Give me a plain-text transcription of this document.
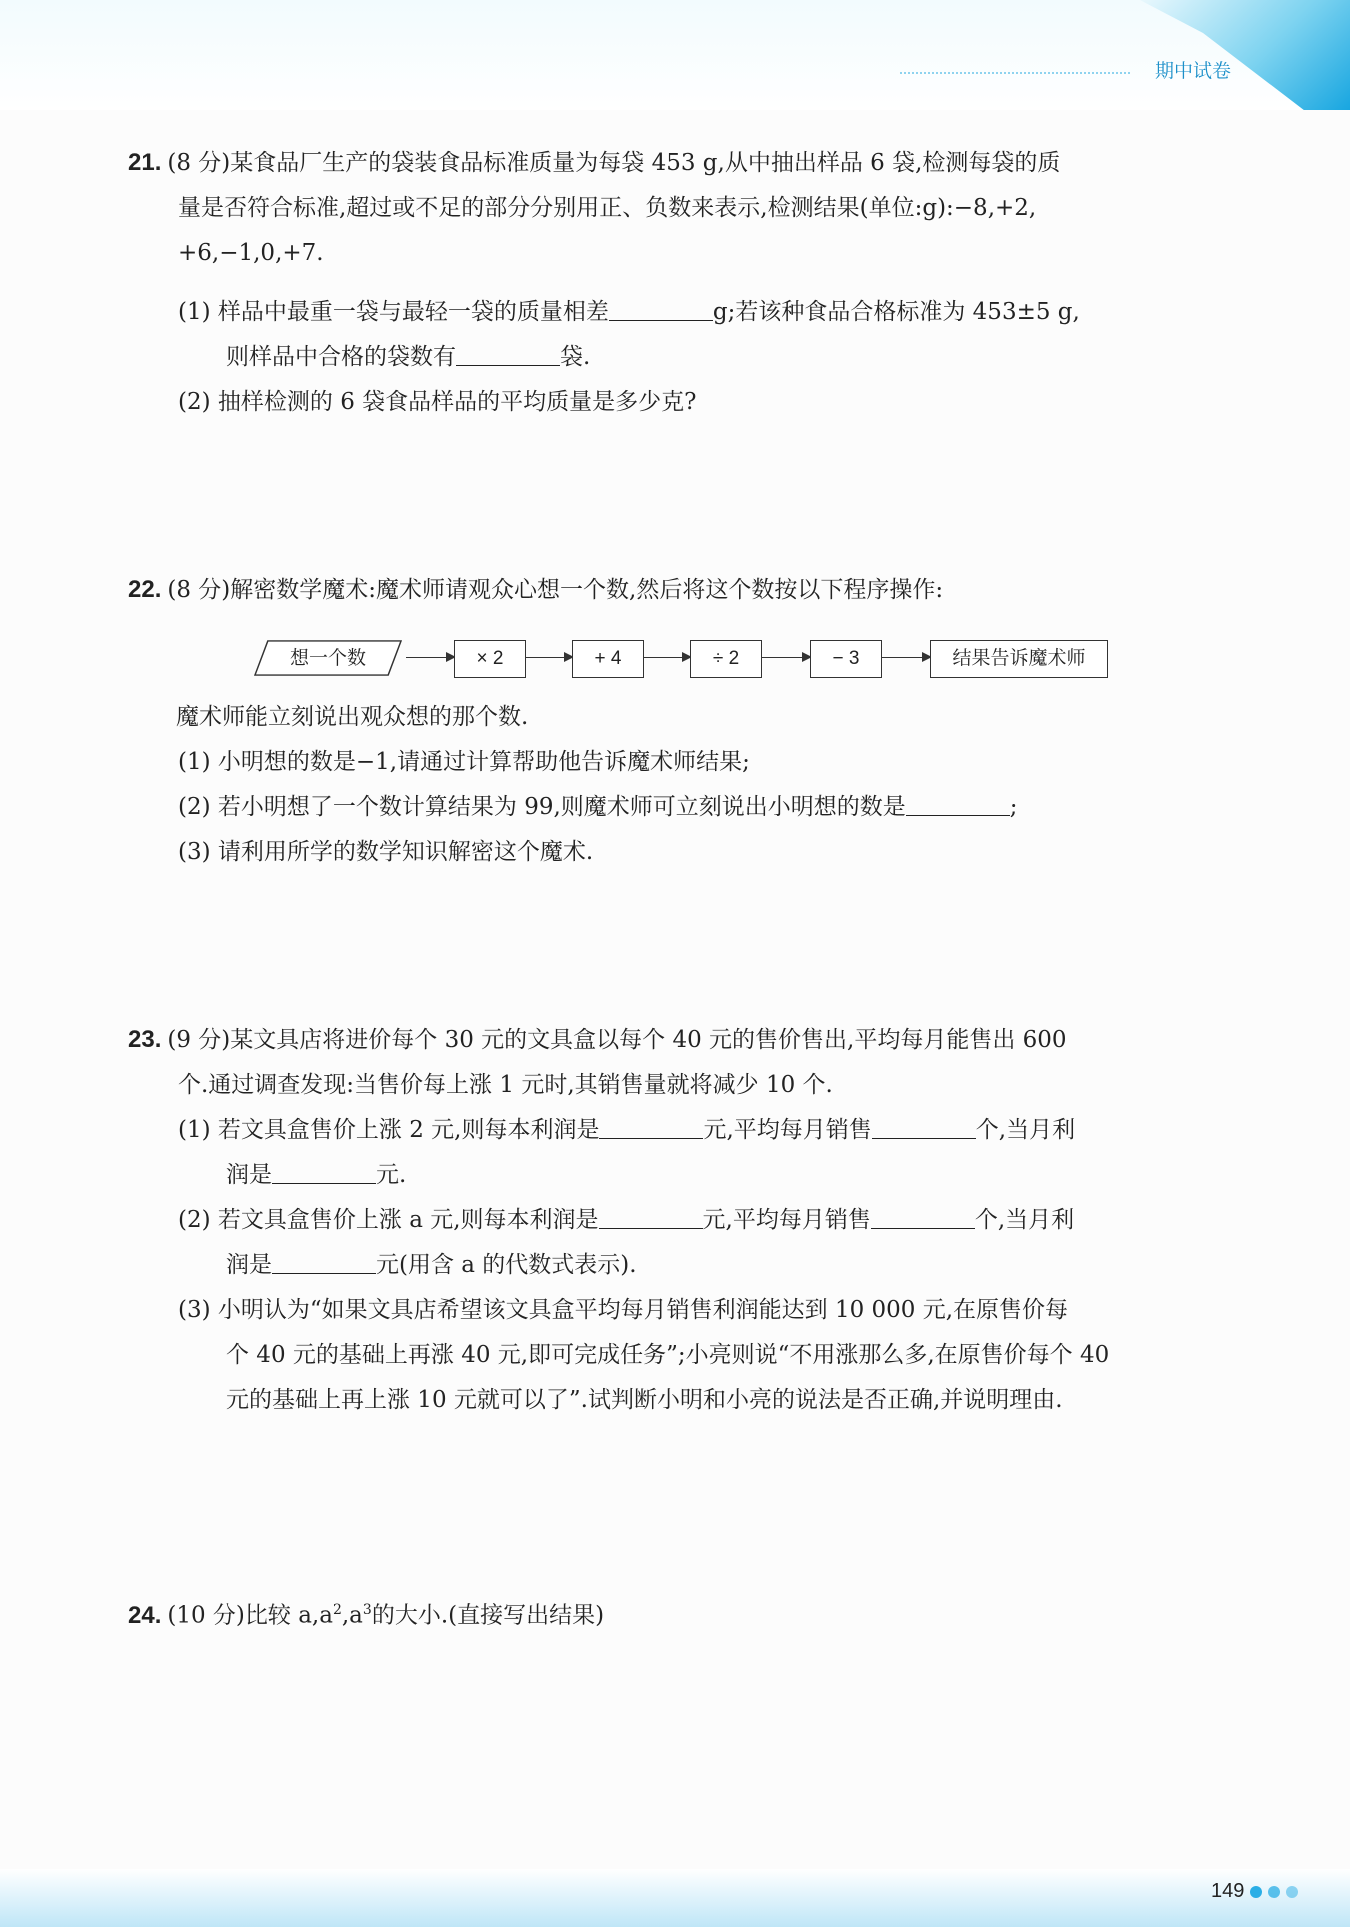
期中试卷
21. (8 分)某食品厂生产的袋装食品标准质量为每袋 453 g,从中抽出样品 6 袋,检测每袋的质
量是否符合标准,超过或不足的部分分别用正、负数来表示,检测结果(单位:g):−8,+2,
+6,−1,0,+7.
(1) 样品中最重一袋与最轻一袋的质量相差	g;若该种食品合格标准为 453±5 g,
则样品中合格的袋数有	袋.
(2) 抽样检测的 6 袋食品样品的平均质量是多少克?
22. (8 分)解密数学魔术:魔术师请观众心想一个数,然后将这个数按以下程序操作:
想一个数	× 2	+ 4	÷ 2	− 3	结果告诉魔术师
魔术师能立刻说出观众想的那个数.
(1) 小明想的数是−1,请通过计算帮助他告诉魔术师结果;
(2) 若小明想了一个数计算结果为 99,则魔术师可立刻说出小明想的数是	;
(3) 请利用所学的数学知识解密这个魔术.
23. (9 分)某文具店将进价每个 30 元的文具盒以每个 40 元的售价售出,平均每月能售出 600
个.通过调查发现:当售价每上涨 1 元时,其销售量就将减少 10 个.
(1) 若文具盒售价上涨 2 元,则每本利润是	元,平均每月销售	个,当月利
润是	元.
(2) 若文具盒售价上涨 a 元,则每本利润是	元,平均每月销售	个,当月利
润是	元(用含 a 的代数式表示).
(3) 小明认为“如果文具店希望该文具盒平均每月销售利润能达到 10 000 元,在原售价每
个 40 元的基础上再涨 40 元,即可完成任务”;小亮则说“不用涨那么多,在原售价每个 40
元的基础上再上涨 10 元就可以了”.试判断小明和小亮的说法是否正确,并说明理由.
24. (10 分)比较 $a,a^2,a^3$的大小.(直接写出结果)
149
